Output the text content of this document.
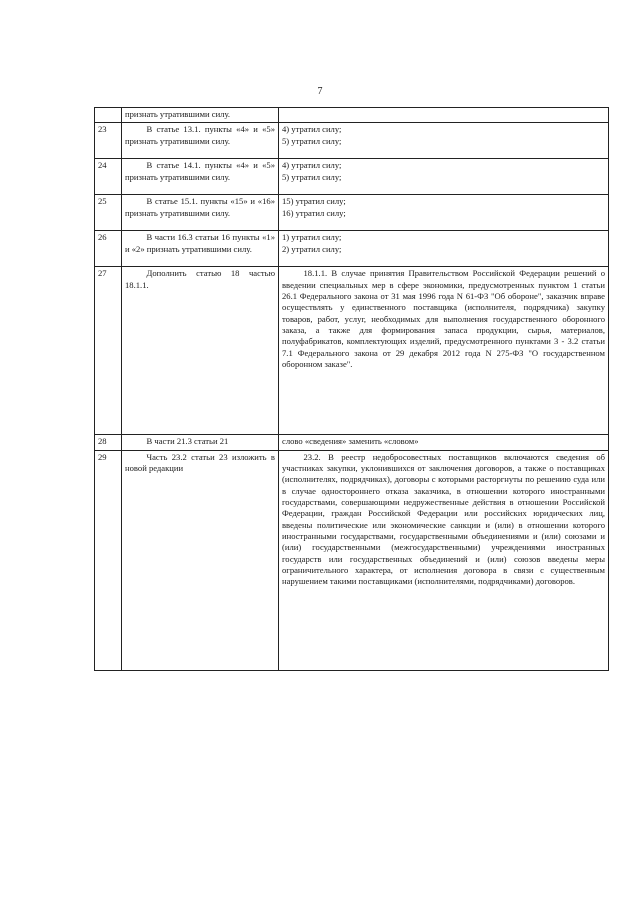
7
	признать утратившими силу.	
23	В статье 13.1. пункты «4» и «5» признать утратившими силу.	4) утратил силу;
5) утратил силу;

24	В статье 14.1. пункты «4» и «5» признать утратившими силу.	4) утратил силу;
5) утратил силу;

25	В статье 15.1. пункты «15» и «16» признать утратившими силу.	15) утратил силу;
16) утратил силу;

26	В части 16.3 статьи 16 пункты «1» и «2» признать утратившими силу.	1) утратил силу;
2) утратил силу;

27	Дополнить статью 18 частью 18.1.1.	18.1.1. В случае принятия Правительством Российской Федерации решений о введении специальных мер в сфере экономики, предусмотренных пунктом 1 статьи 26.1 Федерального закона от 31 мая 1996 года N 61-ФЗ "Об обороне", заказчик вправе осуществлять у единственного поставщика (исполнителя, подрядчика) закупку товаров, работ, услуг, необходимых для выполнения государственного оборонного заказа, а также для формирования запаса продукции, сырья, материалов, полуфабрикатов, комплектующих изделий, предусмотренного пунктами 3 - 3.2 статьи 7.1 Федерального закона от 29 декабря 2012 года N 275-ФЗ "О государственном оборонном заказе".
28	В части 21.3 статьи 21	слово «сведения» заменить «словом»
29	Часть 23.2 статьи 23 изложить в новой редакции	23.2. В реестр недобросовестных поставщиков включаются сведения об участниках закупки, уклонившихся от заключения договоров, а также о поставщиках (исполнителях, подрядчиках), договоры с которыми расторгнуты по решению суда или в случае одностороннего отказа заказчика, в отношении которого иностранными государствами, совершающими недружественные действия в отношении Российской Федерации, граждан Российской Федерации или российских юридических лиц, введены политические или экономические санкции и (или) в отношении которого иностранными государствами, государственными объединениями и (или) союзами и (или) государственными (межгосударственными) учреждениями иностранных государств или государственных объединений и (или) союзов введены меры ограничительного характера, от исполнения договора в связи с существенным нарушением такими поставщиками (исполнителями, подрядчиками) договоров.
